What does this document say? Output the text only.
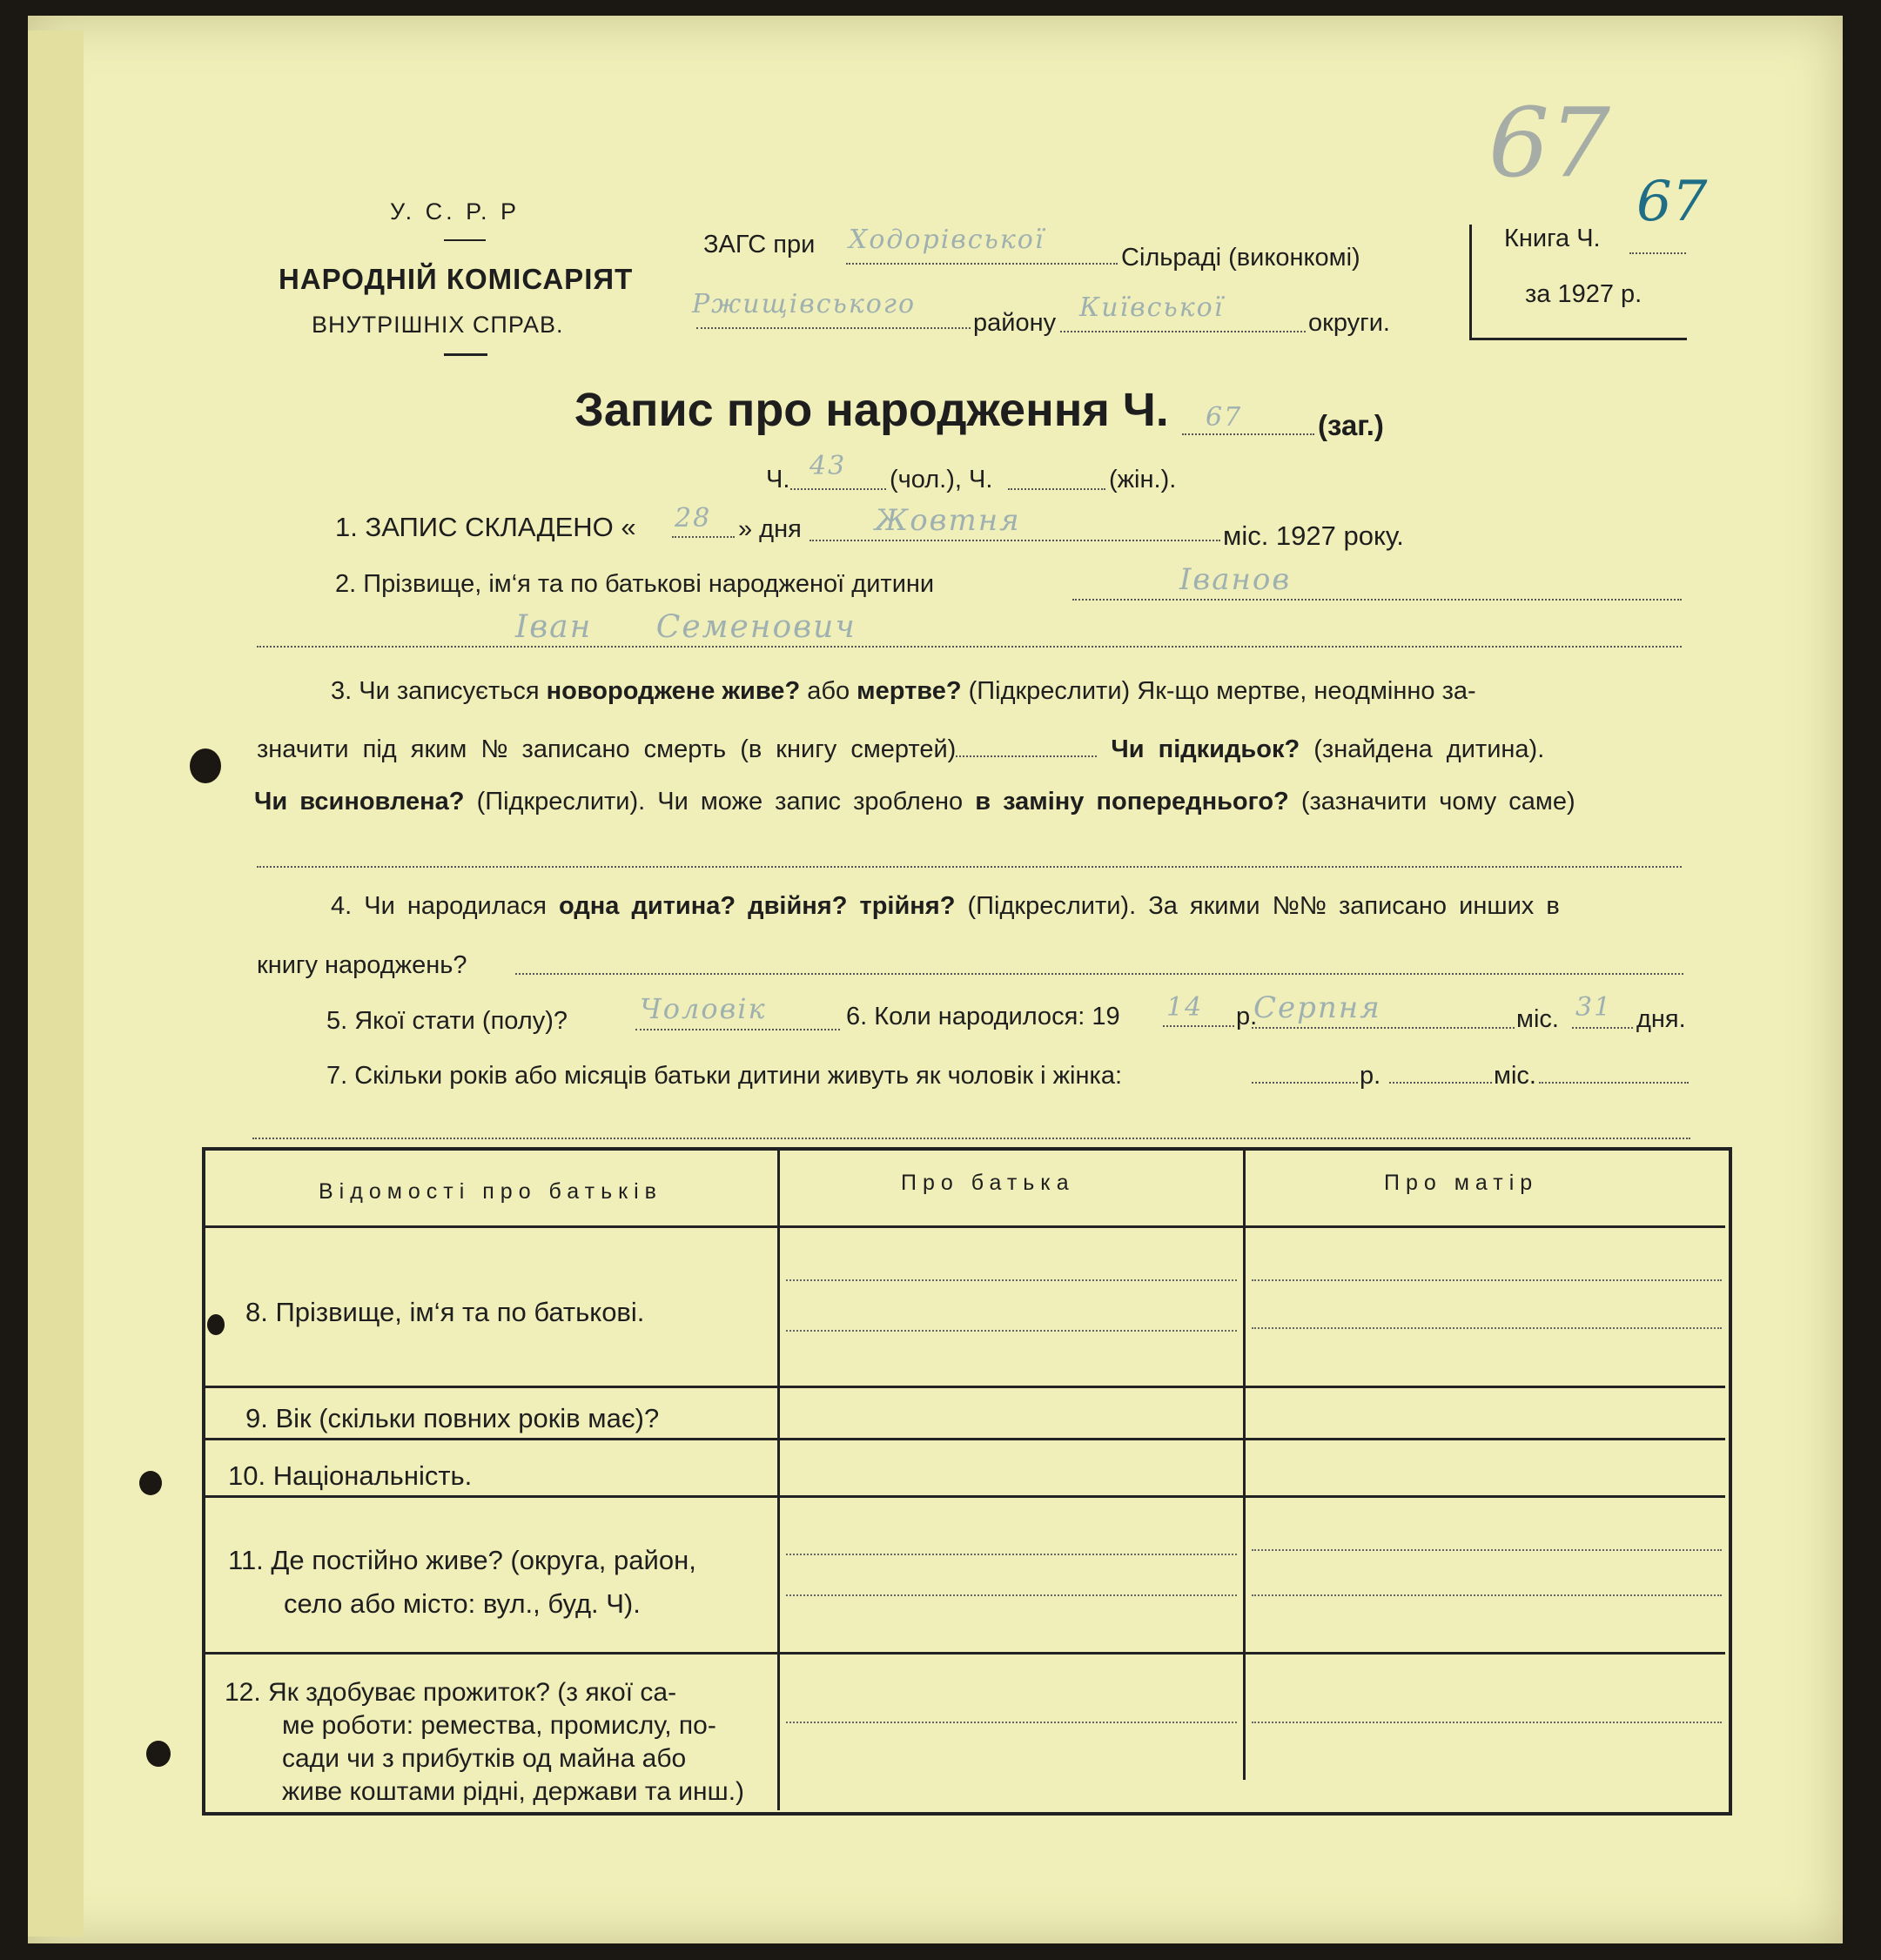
67
У. С. Р. Р
НАРОДНІЙ КОМІСАРІЯТ
ВНУТРІШНІХ СПРАВ.
ЗАГС при Ходорівської
Сільраді (виконкомі)
Ржищівського
району Київської	округи.
Книга Ч.
67
за 1927 р.
Запис про народження Ч. 67	(заг.)
Ч. 43 (чол.), Ч.	(жін.).
1. ЗАПИС СКЛАДЕНО « 28 » дня Жовтня	міс. 1927 року.
2. Прізвище, ім‘я та по батькові народженої дитини	Іванов
Іван Семенович
3. Чи записується новороджене живе? або мертве? (Підкреслити) Як-що мертве, неодмінно за-
значити під яким № записано смерть (в книгу смертей)	Чи підкидьок? (знайдена дитина).
Чи всиновлена? (Підкреслити). Чи може запис зроблено в заміну попереднього? (зазначити чому саме)
4. Чи народилася одна дитина? двійня? трійня? (Підкреслити). За якими №№ записано инших в
книгу народжень?
5. Якої стати (полу)?	Чоловік	6. Коли народилося: 19 14 р.
Серпня	міс. 31 дня.
7. Скільки років або місяців батьки дитини живуть як чоловік і жінка:	р.	міс.
Відомості про батьків	Про батька	Про матір
8. Прізвище, ім‘я та по батькові.
9. Вік (скільки повних років має)?
10. Національність.
11. Де постійно живе? (округа, район,
село або місто: вул., буд. Ч).
12. Як здобуває прожиток? (з якої са-
ме роботи: ремества, промислу, по-
сади чи з прибутків од майна або
живе коштами рідні, держави та инш.)
